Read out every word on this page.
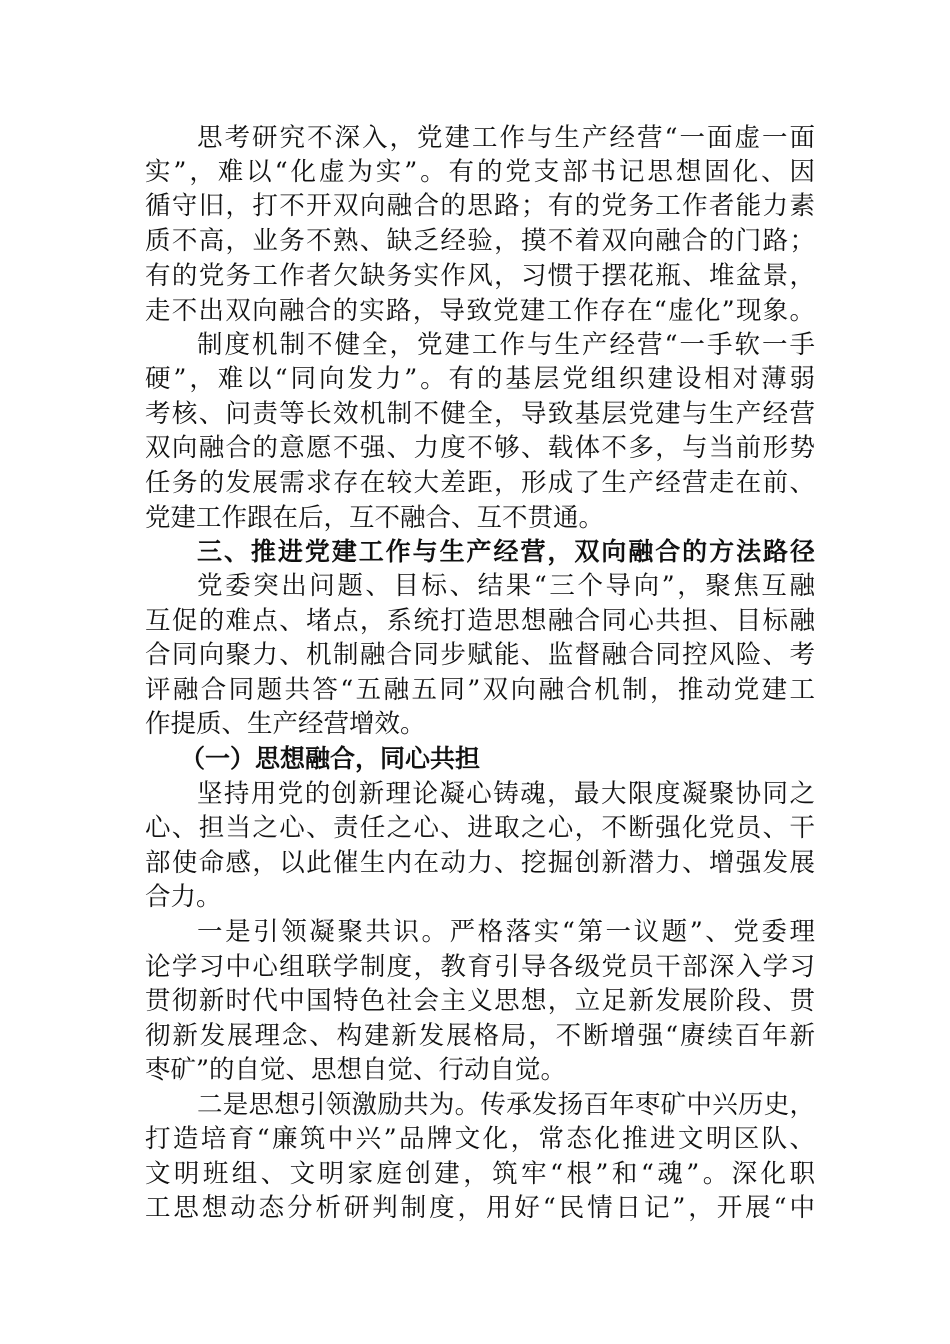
思考研究不深入，党建工作与生产经营“一面虚一面

实”，难以“化虚为实”。有的党支部书记思想固化、因

循守旧，打不开双向融合的思路；有的党务工作者能力素

质不高，业务不熟、缺乏经验，摸不着双向融合的门路；

有的党务工作者欠缺务实作风，习惯于摆花瓶、堆盆景，

走不出双向融合的实路，导致党建工作存在“虚化”现象。

制度机制不健全，党建工作与生产经营“一手软一手

硬”，难以“同向发力”。有的基层党组织建设相对薄弱

考核、问责等长效机制不健全，导致基层党建与生产经营

双向融合的意愿不强、力度不够、载体不多，与当前形势

任务的发展需求存在较大差距，形成了生产经营走在前、

党建工作跟在后，互不融合、互不贯通。

三、推进党建工作与生产经营，双向融合的方法路径

党委突出问题、目标、结果“三个导向”，聚焦互融

互促的难点、堵点，系统打造思想融合同心共担、目标融

合同向聚力、机制融合同步赋能、监督融合同控风险、考

评融合同题共答“五融五同”双向融合机制，推动党建工

作提质、生产经营增效。

（一）思想融合，同心共担

坚持用党的创新理论凝心铸魂，最大限度凝聚协同之

心、担当之心、责任之心、进取之心，不断强化党员、干

部使命感，以此催生内在动力、挖掘创新潜力、增强发展

合力。

一是引领凝聚共识。严格落实“第一议题”、党委理

论学习中心组联学制度，教育引导各级党员干部深入学习

贯彻新时代中国特色社会主义思想，立足新发展阶段、贯

彻新发展理念、构建新发展格局，不断增强“赓续百年新

枣矿”的自觉、思想自觉、行动自觉。

二是思想引领激励共为。传承发扬百年枣矿中兴历史，

打造培育“廉筑中兴”品牌文化，常态化推进文明区队、

文明班组、文明家庭创建，筑牢“根”和“魂”。深化职

工思想动态分析研判制度，用好“民情日记”，开展“中
